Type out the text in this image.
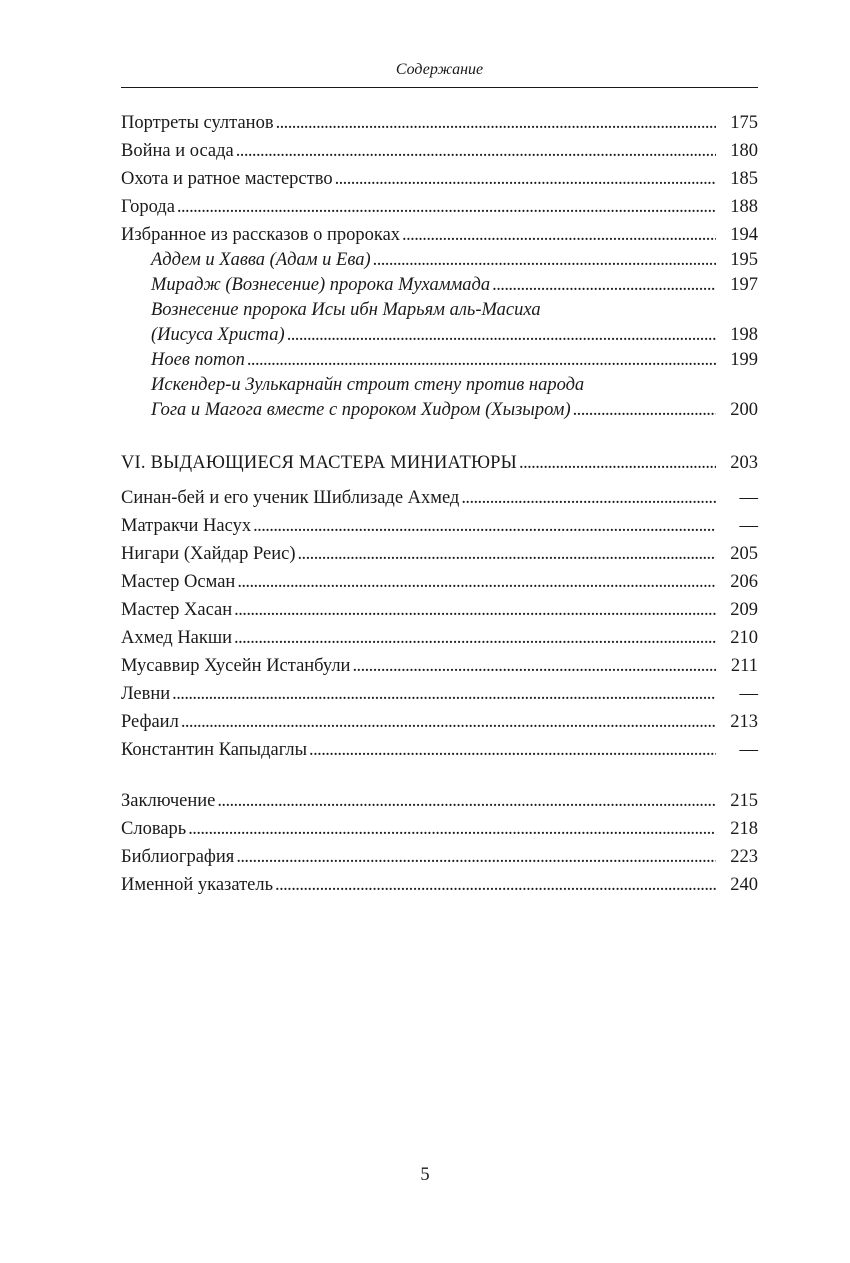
Содержание
Портреты султанов . . .	175
Война и осада . . .	180
Охота и ратное мастерство . . .	185
Города . . .	188
Избранное из рассказов о пророках . . .	194
Аддем и Хавва (Адам и Ева) . . .	195
Мирадж (Вознесение) пророка Мухаммада . . .	197
Вознесение пророка Исы ибн Марьям аль-Масиха
(Иисуса Христа) . . .	198
Ноев потоп . . .	199
Искендер-и Зулькарнайн строит стену против народа
Гога и Магога вместе с пророком Хидром (Хызыром) . . .	200
VI. ВЫДАЮЩИЕСЯ МАСТЕРА МИНИАТЮРЫ . . .	203
Синан-бей и его ученик Шиблизаде Ахмед . . .	—
Матракчи Насух . . .	—
Нигари (Хайдар Реис) . . .	205
Мастер Осман . . .	206
Мастер Хасан . . .	209
Ахмед Накши . . .	210
Мусаввир Хусейн Истанбули . . .	211
Левни . . .	—
Рефаил . . .	213
Константин Капыдаглы . . .	—
Заключение . . .	215
Словарь . . .	218
Библиография . . .	223
Именной указатель . . .	240
5
